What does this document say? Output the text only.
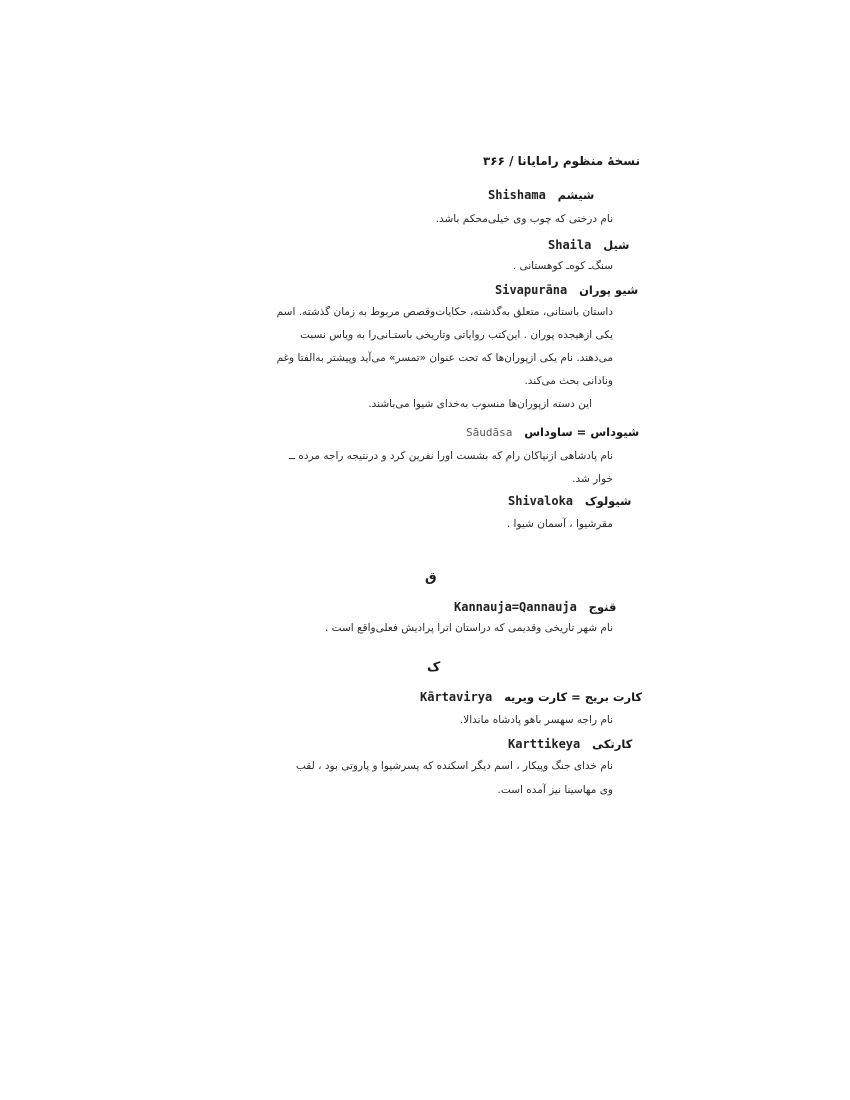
نسخهٔ منظوم رامایانا / ۳۶۶
Shishama شیشم
نام درختی که چوب وی خیلی‌محکم باشد.
Shaila شیل
سنگ‌ـ کوه‌ـ کوهستانی .
Sivapurāna شیو پوران
داستان باستانی، متعلق به‌گذشته، حکایات‌وقصص مربوط به زمان گذشته. اسم
یکی ازهیجده پوران . این‌کتب روایاتی وتاریخی باستـانی‌را به ویاس نسبت
می‌دهند. نام یکی ازپوران‌ها که تحت عنوان «تمسر» می‌آید وپیشتر به‌الفتا وغم
ونادانی بحث می‌کند.
این دسته ازپوران‌ها منسوب به‌خدای شیوا می‌باشند.
Sāudāsa شیوداس = ساوداس
نام پادشاهی ازنیاکان رام که بشست اورا نفرین کرد و درنتیجه راجه مرده ــ
خوار شد.
Shivaloka شیولوک
مقرشیوا ، آسمان شیوا .
ق
Kannauja=Qannauja قنوج
نام شهر تاریخی وقدیمی که دراستان اترا پرادیش فعلی‌واقع است .
ک
Kārtavirya کارت بریج = کارت ویریه
نام راجه سهسر باهو پادشاه ماندالا.
Karttikeya کارتکی
نام خدای جنگ وپیکار ، اسم دیگر اسکنده که پسرشیوا و پاروتی بود ، لقب
وی مهاسینا نیز آمده است.
